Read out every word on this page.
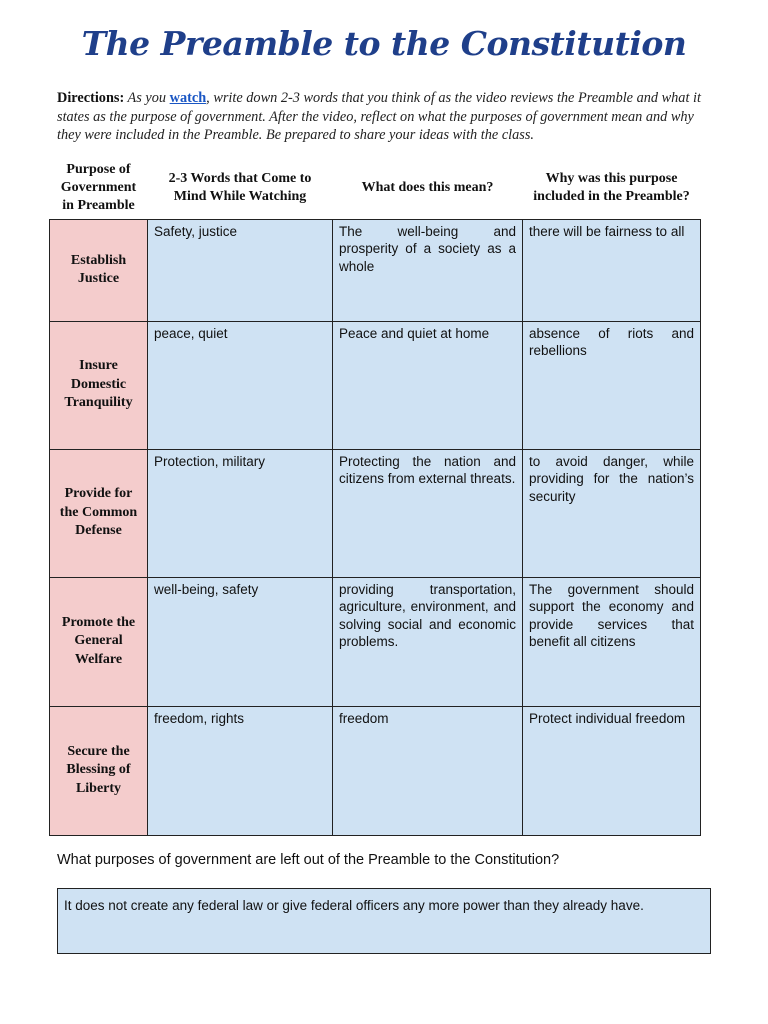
The Preamble to the Constitution
Directions: As you watch, write down 2-3 words that you think of as the video reviews the Preamble and what it states as the purpose of government. After the video, reflect on what the purposes of government mean and why they were included in the Preamble. Be prepared to share your ideas with the class.
Purpose of Government in Preamble	2-3 Words that Come to Mind While Watching	What does this mean?	Why was this purpose included in the Preamble?
Establish Justice	Safety, justice	The well-being and prosperity of a society as a whole	there will be fairness to all
Insure Domestic Tranquility	peace, quiet	Peace and quiet at home	absence of riots and rebellions
Provide for the Common Defense	Protection, military	Protecting the nation and citizens from external threats.	to avoid danger, while providing for the nation’s security
Promote the General Welfare	well-being, safety	providing transportation, agriculture, environment, and solving social and economic problems.	The government should support the economy and provide services that benefit all citizens
Secure the Blessing of Liberty	freedom, rights	freedom	Protect individual freedom
What purposes of government are left out of the Preamble to the Constitution?
It does not create any federal law or give federal officers any more power than they already have.
